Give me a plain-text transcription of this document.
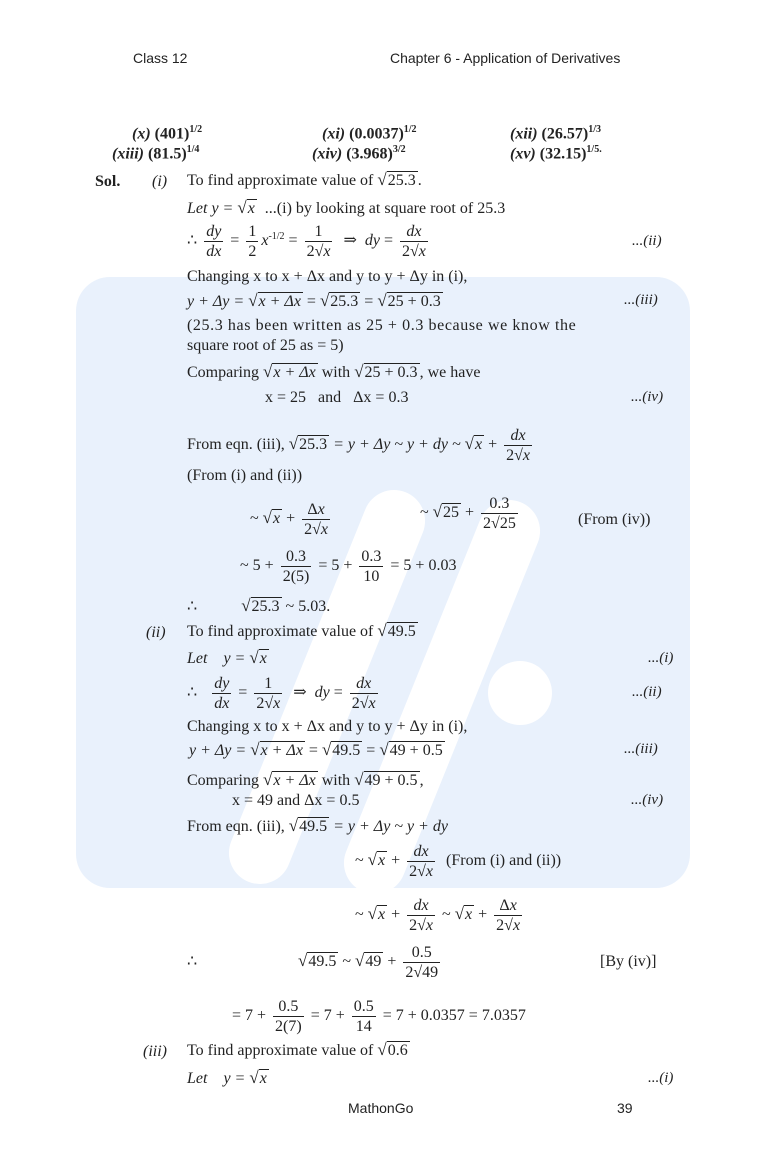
Class 12	Chapter 6 - Application of Derivatives
(x) $(401)^{1/2}$	(xi) $(0.0037)^{1/2}$	(xii) $(26.57)^{1/3}$
(xiii) $(81.5)^{1/4}$	(xiv) $(3.968)^{3/2}$	(xv) $(32.15)^{1/5.}$
Sol. (i) To find approximate value of √25.3 .
Let y = √x ...(i) by looking at square root of 25.3
∴ $\frac{dy}{dx} = \frac{1}{2} x^{-1/2} = \frac{1}{2√x}$ ⇒  dy = $\frac{dx}{2√x}$	...(ii)
Changing x to x + Δx and y to y + Δy in (i),
y + Δy = √x + Δx = √25.3 = √25 + 0.3	...(iii)
(25.3 has been written as 25 + 0.3 because we know the
square root of 25 as = 5)
Comparing √x + Δx with √25 + 0.3 , we have
x = 25   and   Δx = 0.3	...(iv)
From eqn. (iii), √25.3 = y + Δy ~ y + dy ~ $√x + \frac{dx}{2√x}$
(From (i) and (ii))
~ $√x + \frac{\Delta x}{2√x}$	~ $√25 + \frac{0.3}{2√25}$	(From (iv))
~ $5 + \frac{0.3}{2(5)} = 5 + \frac{0.3}{10} = 5 + 0.03$
∴           √25.3 ~ 5.03.
(ii) To find approximate value of √49.5
Let    y = √x	...(i)
∴ $\frac{dy}{dx} = \frac{1}{2√x}$ ⇒  dy = $\frac{dx}{2√x}$	...(ii)
Changing x to x + Δx and y to y + Δy in (i),
y + Δy = √x + Δx = √49.5 = √49 + 0.5	...(iii)
Comparing √x + Δx with √49 + 0.5 ,
x = 49 and Δx = 0.5	...(iv)
From eqn. (iii), √49.5 = y + Δy ~ y + dy
~ $√x + \frac{dx}{2√x}$ (From (i) and (ii))
~ $√x + \frac{dx}{2√x}$ ~ $√x + \frac{\Delta x}{2√x}$
∴	√49.5 ~ $√49 + \frac{0.5}{2√49}$	[By (iv)]
= $7 + \frac{0.5}{2(7)} = 7 + \frac{0.5}{14} = 7 + 0.0357 = 7.0357$
(iii) To find approximate value of √0.6
Let    y = √x	...(i)
MathonGo	39
